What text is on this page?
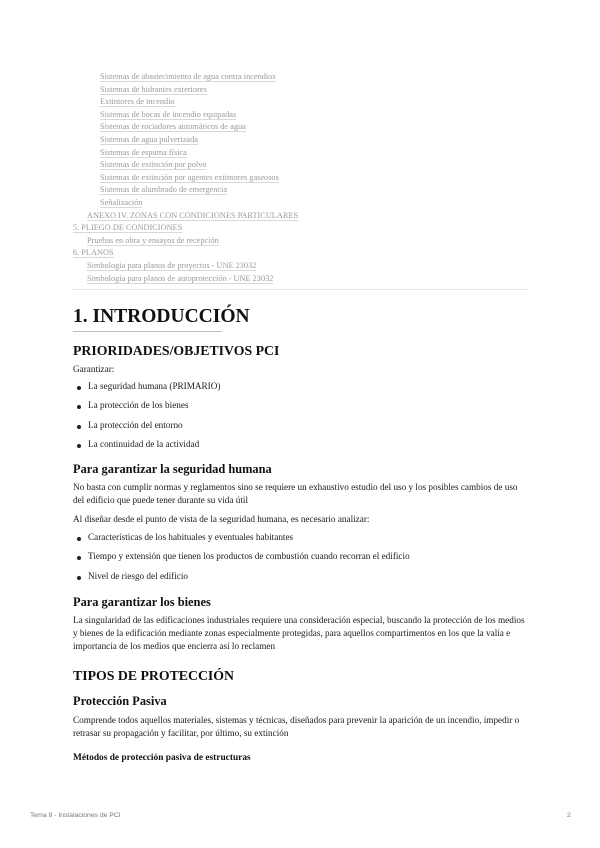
Sistemas de abastecimiento de agua contra incendios
Sistemas de hidrantes exteriores
Extintores de incendio
Sistemas de bocas de incendio equipadas
Sistemas de rociadores automáticos de agua
Sistemas de agua pulverizada
Sistemas de espuma física
Sistemas de extinción por polvo
Sistemas de extinción por agentes extintores gaseosos
Sistemas de alumbrado de emergencia
Señalización
ANEXO IV. ZONAS CON CONDICIONES PARTICULARES
5. PLIEGO DE CONDICIONES
Pruebas en obra y ensayos de recepción
6. PLANOS
Simbología para planos de proyectos - UNE 23032
Simbología para planos de autoprotección - UNE 23032
1. INTRODUCCIÓN
PRIORIDADES/OBJETIVOS PCI

Garantizar:

La seguridad humana (PRIMARIO)
La protección de los bienes
La protección del entorno
La continuidad de la actividad
Para garantizar la seguridad humana

No basta con cumplir normas y reglamentos sino se requiere un exhaustivo estudio del uso y los posibles cambios de uso del edificio que puede tener durante su vida útil

Al diseñar desde el punto de vista de la seguridad humana, es necesario analizar:

Características de los habituales y eventuales habitantes
Tiempo y extensión que tienen los productos de combustión cuando recorran el edificio
Nivel de riesgo del edificio
Para garantizar los bienes

La singularidad de las edificaciones industriales requiere una consideración especial, buscando la protección de los medios y bienes de la edificación mediante zonas especialmente protegidas, para aquellos compartimentos en los que la valía e importancia de los medios que encierra así lo reclamen

TIPOS DE PROTECCIÓN
Protección Pasiva

Comprende todos aquellos materiales, sistemas y técnicas, diseñados para prevenir la aparición de un incendio, impedir o retrasar su propagación y facilitar, por último, su extinción

Métodos de protección pasiva de estructuras
Tema 9 - Instalaciones de PCI	2
